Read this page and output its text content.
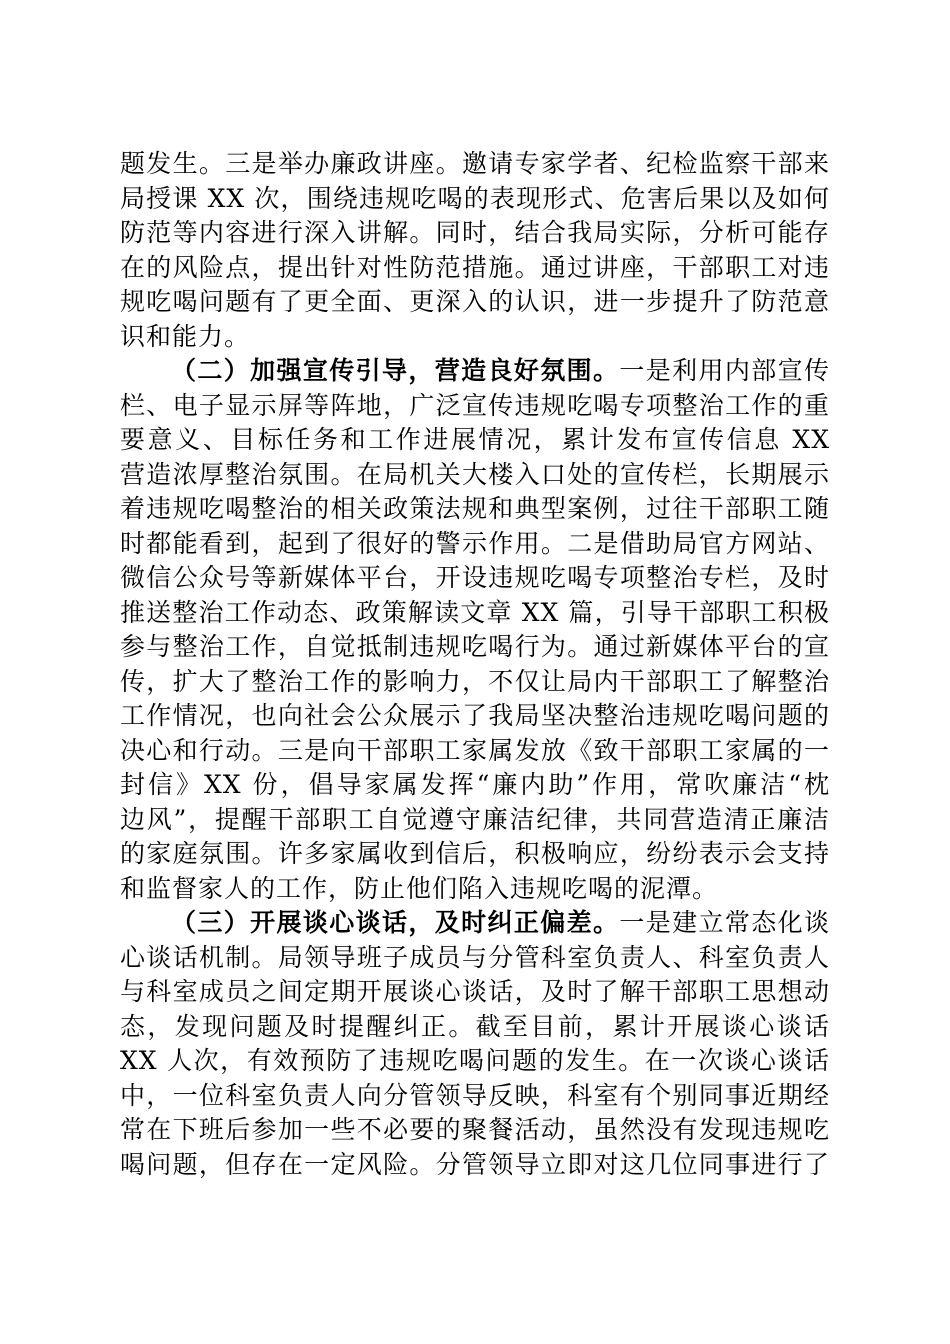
题发生。三是举办廉政讲座。邀请专家学者、纪检监察干部来
局授课 XX 次，围绕违规吃喝的表现形式、危害后果以及如何
防范等内容进行深入讲解。同时，结合我局实际，分析可能存
在的风险点，提出针对性防范措施。通过讲座，干部职工对违
规吃喝问题有了更全面、更深入的认识，进一步提升了防范意
识和能力。
（二）加强宣传引导，营造良好氛围。一是利用内部宣传
栏、电子显示屏等阵地，广泛宣传违规吃喝专项整治工作的重
要意义、目标任务和工作进展情况，累计发布宣传信息 XX
营造浓厚整治氛围。在局机关大楼入口处的宣传栏，长期展示
着违规吃喝整治的相关政策法规和典型案例，过往干部职工随
时都能看到，起到了很好的警示作用。二是借助局官方网站、
微信公众号等新媒体平台，开设违规吃喝专项整治专栏，及时
推送整治工作动态、政策解读文章 XX 篇，引导干部职工积极
参与整治工作，自觉抵制违规吃喝行为。通过新媒体平台的宣
传，扩大了整治工作的影响力，不仅让局内干部职工了解整治
工作情况，也向社会公众展示了我局坚决整治违规吃喝问题的
决心和行动。三是向干部职工家属发放《致干部职工家属的一
封信》XX 份，倡导家属发挥“廉内助”作用，常吹廉洁“枕
边风”，提醒干部职工自觉遵守廉洁纪律，共同营造清正廉洁
的家庭氛围。许多家属收到信后，积极响应，纷纷表示会支持
和监督家人的工作，防止他们陷入违规吃喝的泥潭。
（三）开展谈心谈话，及时纠正偏差。一是建立常态化谈
心谈话机制。局领导班子成员与分管科室负责人、科室负责人
与科室成员之间定期开展谈心谈话，及时了解干部职工思想动
态，发现问题及时提醒纠正。截至目前，累计开展谈心谈话
XX 人次，有效预防了违规吃喝问题的发生。在一次谈心谈话
中，一位科室负责人向分管领导反映，科室有个别同事近期经
常在下班后参加一些不必要的聚餐活动，虽然没有发现违规吃
喝问题，但存在一定风险。分管领导立即对这几位同事进行了
